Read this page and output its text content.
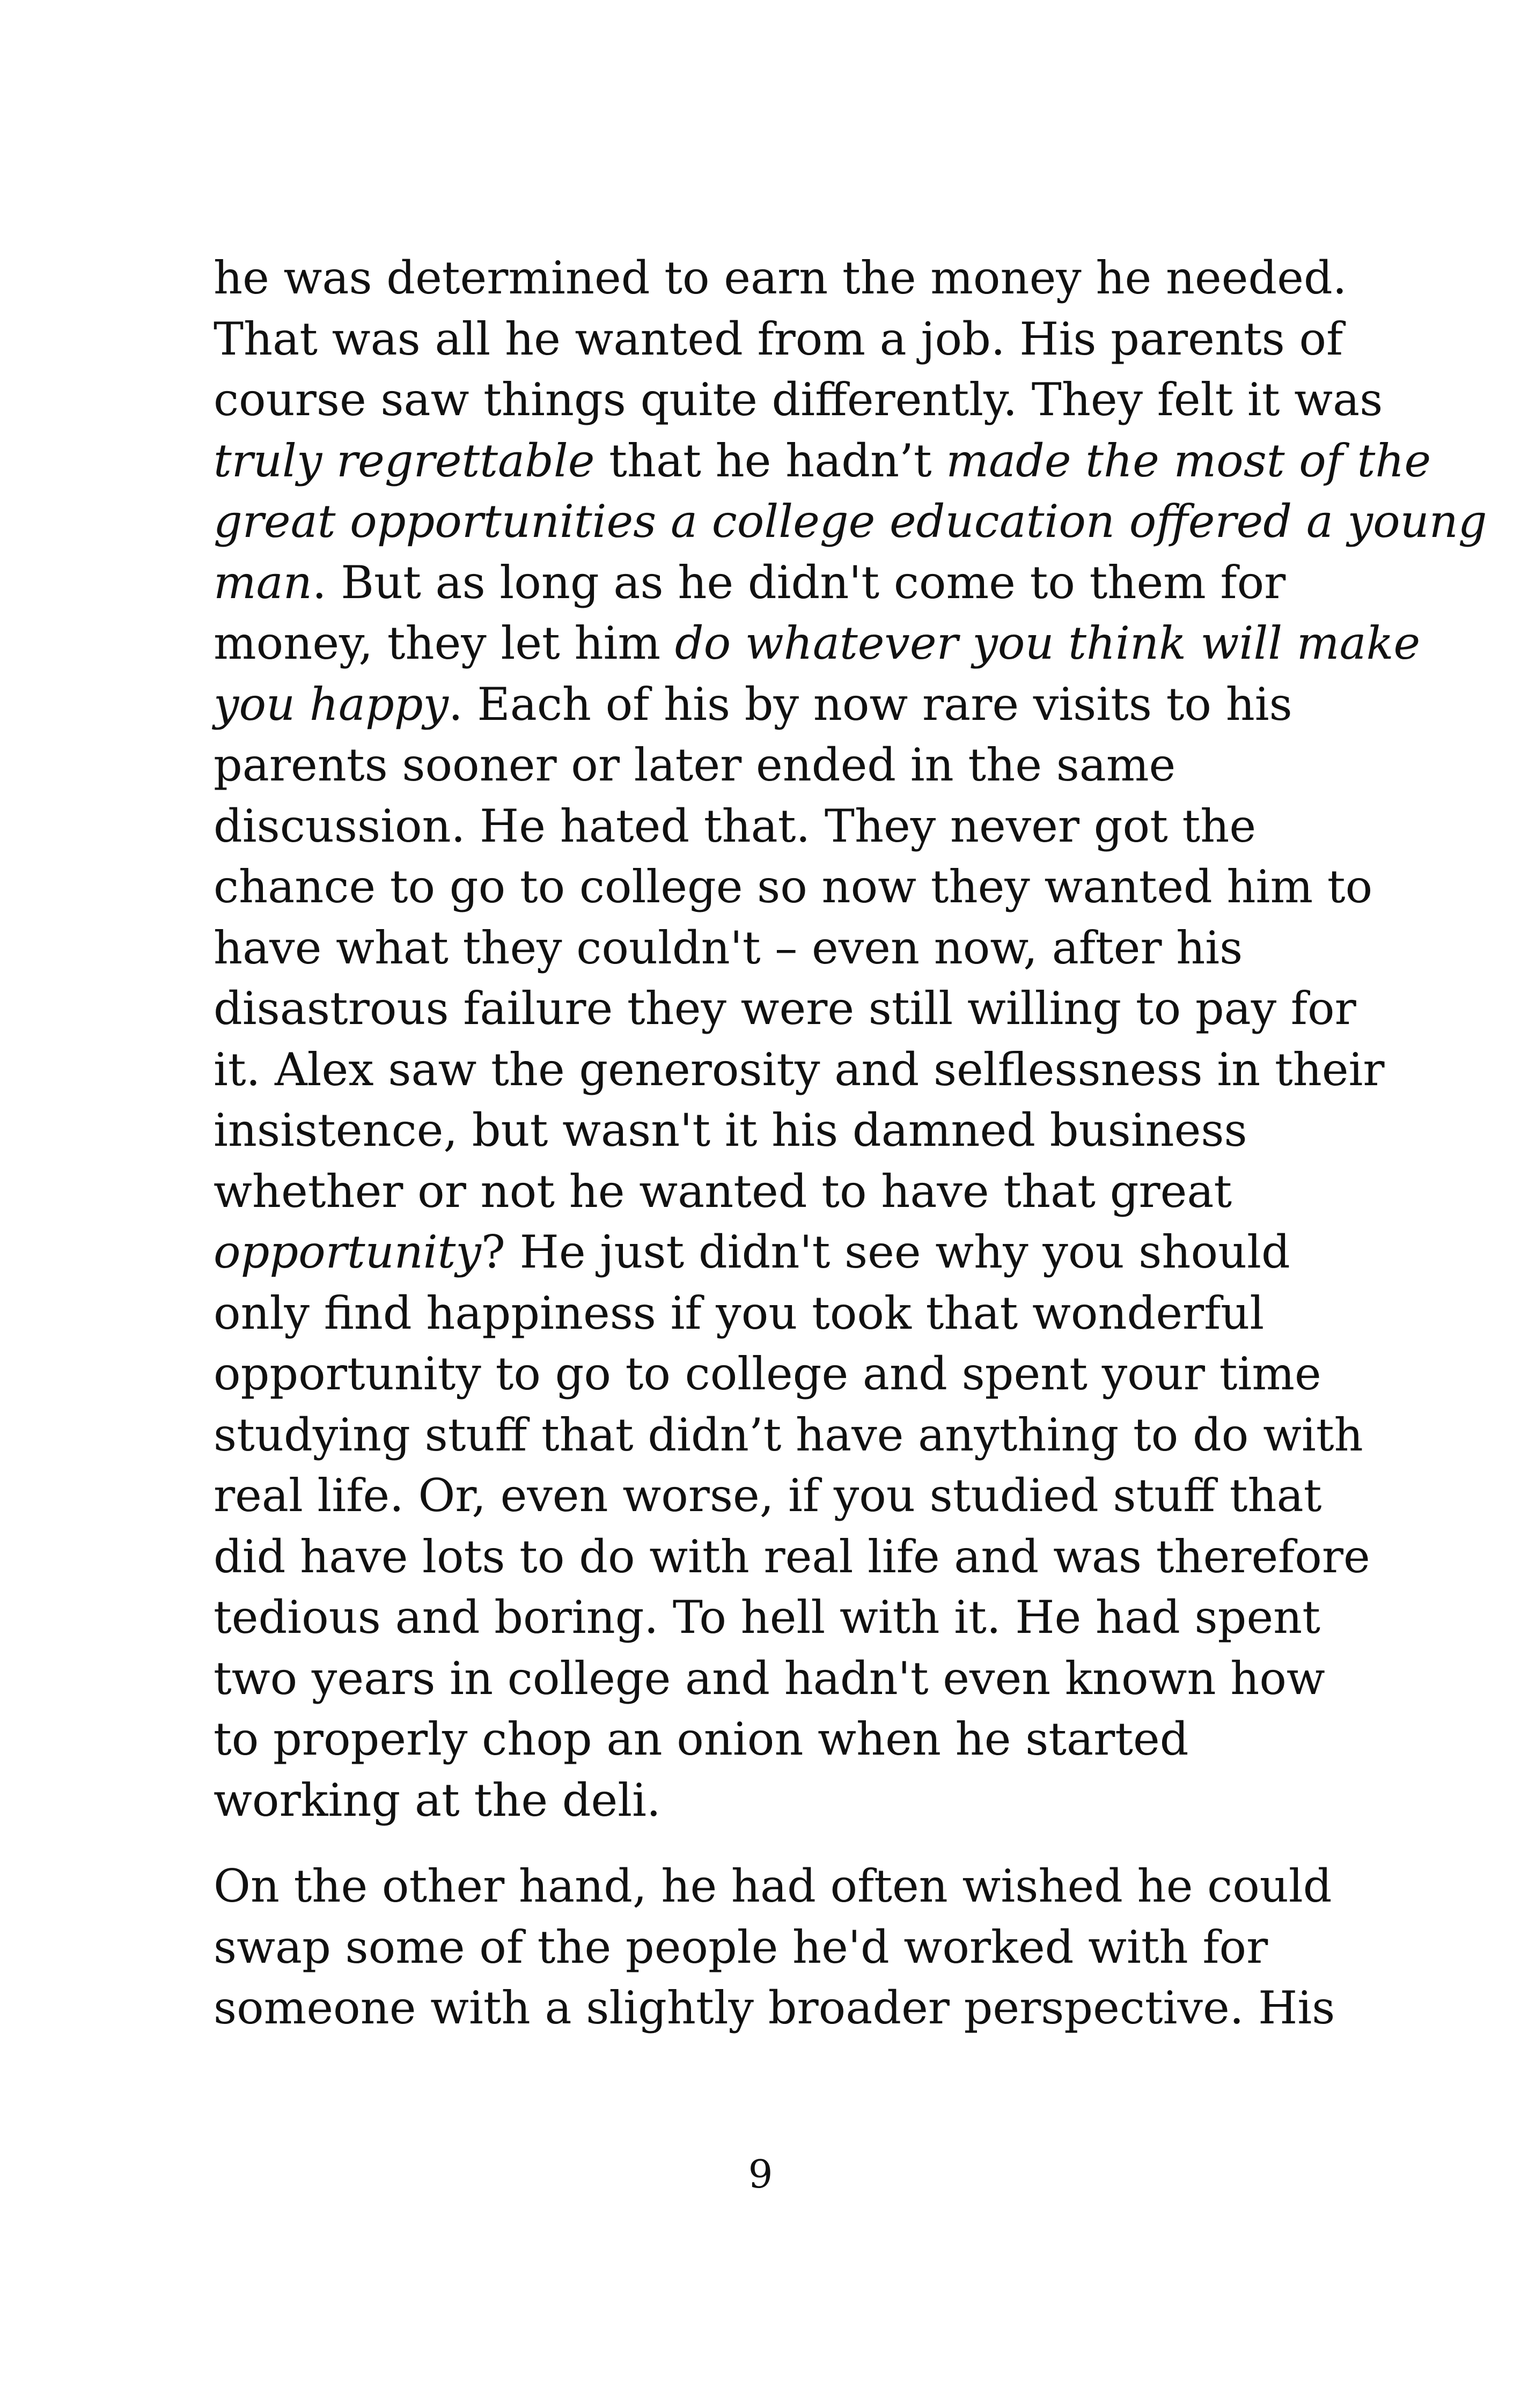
he was determined to earn the money he needed.
That was all he wanted from a job. His parents of
course saw things quite differently. They felt it was
truly regrettable that he hadn’t made the most of the
great opportunities a college education offered a young
man. But as long as he didn't come to them for
money, they let him do whatever you think will make
you happy. Each of his by now rare visits to his
parents sooner or later ended in the same
discussion. He hated that. They never got the
chance to go to college so now they wanted him to
have what they couldn't – even now, after his
disastrous failure they were still willing to pay for
it. Alex saw the generosity and selflessness in their
insistence, but wasn't it his damned business
whether or not he wanted to have that great
opportunity? He just didn't see why you should
only find happiness if you took that wonderful
opportunity to go to college and spent your time
studying stuff that didn’t have anything to do with
real life. Or, even worse, if you studied stuff that
did have lots to do with real life and was therefore
tedious and boring. To hell with it. He had spent
two years in college and hadn't even known how
to properly chop an onion when he started
working at the deli.

On the other hand, he had often wished he could
swap some of the people he'd worked with for
someone with a slightly broader perspective. His

9
